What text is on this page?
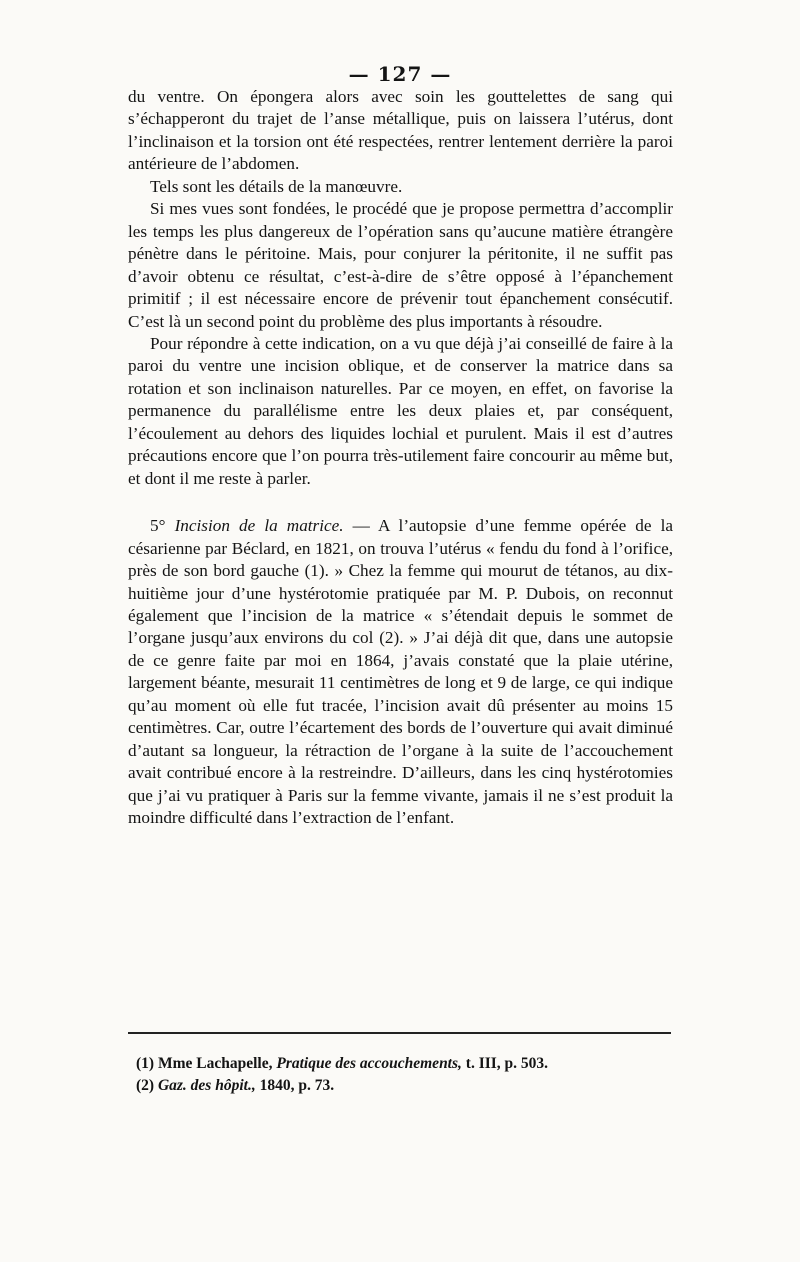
— 127 —

du ventre. On épongera alors avec soin les gouttelettes de sang qui s’échapperont du trajet de l’anse métallique, puis on laissera l’utérus, dont l’inclinaison et la torsion ont été respectées, rentrer lentement derrière la paroi antérieure de l’abdomen.

Tels sont les détails de la manœuvre.

Si mes vues sont fondées, le procédé que je propose permettra d’accomplir les temps les plus dangereux de l’opération sans qu’aucune matière étrangère pénètre dans le péritoine. Mais, pour conjurer la péritonite, il ne suffit pas d’avoir obtenu ce résultat, c’est-à-dire de s’être opposé à l’épanchement primitif ; il est nécessaire encore de prévenir tout épanchement consécutif. C’est là un second point du problème des plus importants à résoudre.

Pour répondre à cette indication, on a vu que déjà j’ai conseillé de faire à la paroi du ventre une incision oblique, et de conserver la matrice dans sa rotation et son inclinaison naturelles. Par ce moyen, en effet, on favorise la permanence du parallélisme entre les deux plaies et, par conséquent, l’écoulement au dehors des liquides lochial et purulent. Mais il est d’autres précautions encore que l’on pourra très-utilement faire concourir au même but, et dont il me reste à parler.

5° Incision de la matrice. — A l’autopsie d’une femme opérée de la césarienne par Béclard, en 1821, on trouva l’utérus « fendu du fond à l’orifice, près de son bord gauche (1). » Chez la femme qui mourut de tétanos, au dix-huitième jour d’une hystérotomie pratiquée par M. P. Dubois, on reconnut également que l’incision de la matrice « s’étendait depuis le sommet de l’organe jusqu’aux environs du col (2). » J’ai déjà dit que, dans une autopsie de ce genre faite par moi en 1864, j’avais constaté que la plaie utérine, largement béante, mesurait 11 centimètres de long et 9 de large, ce qui indique qu’au moment où elle fut tracée, l’incision avait dû présenter au moins 15 centimètres. Car, outre l’écartement des bords de l’ouverture qui avait diminué d’autant sa longueur, la rétraction de l’organe à la suite de l’accouchement avait contribué encore à la restreindre. D’ailleurs, dans les cinq hystérotomies que j’ai vu pratiquer à Paris sur la femme vivante, jamais il ne s’est produit la moindre difficulté dans l’extraction de l’enfant.

(1) Mme Lachapelle, Pratique des accouchements, t. III, p. 503.

(2) Gaz. des hôpit., 1840, p. 73.
